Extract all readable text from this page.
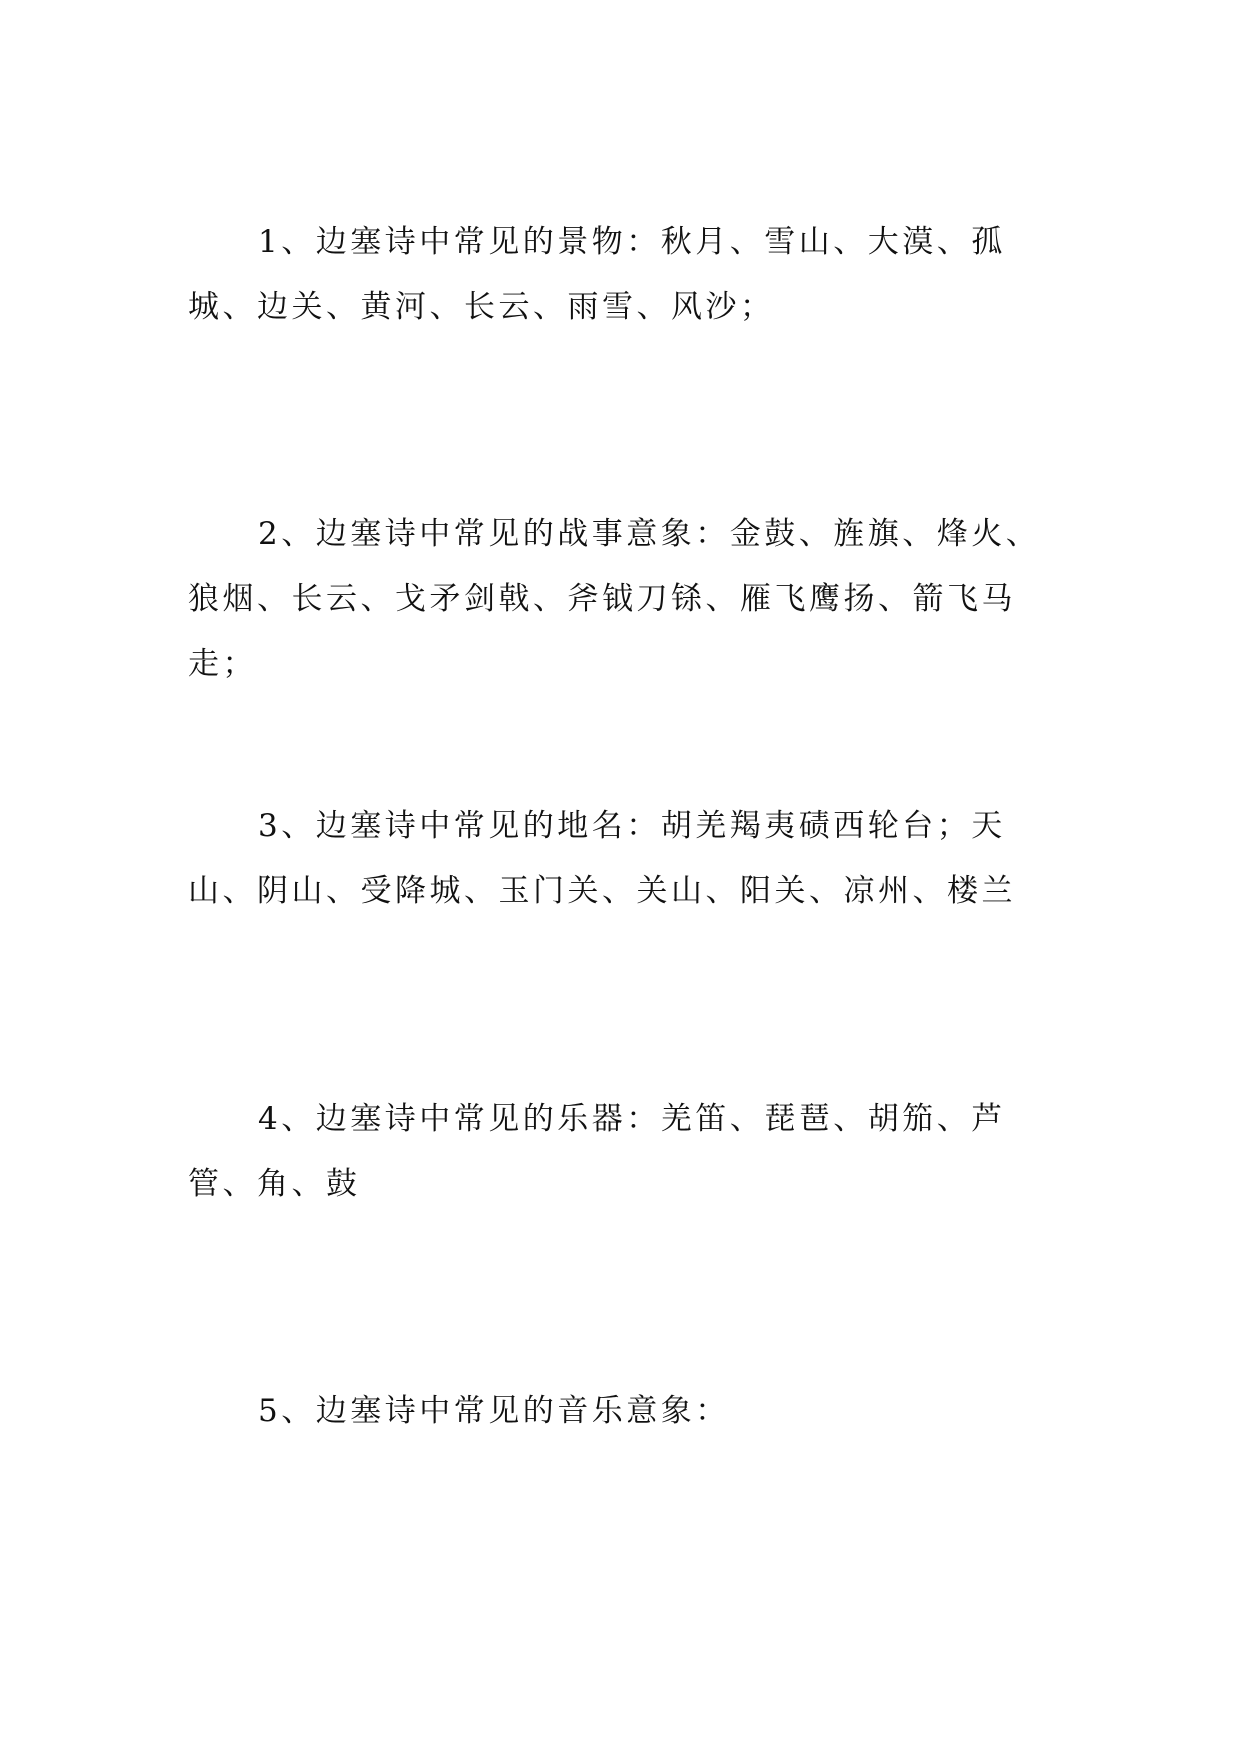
1、边塞诗中常见的景物：秋月、雪山、大漠、孤城、边关、黄河、长云、雨雪、风沙；

2、边塞诗中常见的战事意象：金鼓、旌旗、烽火、狼烟、长云、戈矛剑戟、斧钺刀铩、雁飞鹰扬、箭飞马走；

3、边塞诗中常见的地名：胡羌羯夷碛西轮台；天山、阴山、受降城、玉门关、关山、阳关、凉州、楼兰

4、边塞诗中常见的乐器：羌笛、琵琶、胡笳、芦管、角、鼓

5、边塞诗中常见的音乐意象：
